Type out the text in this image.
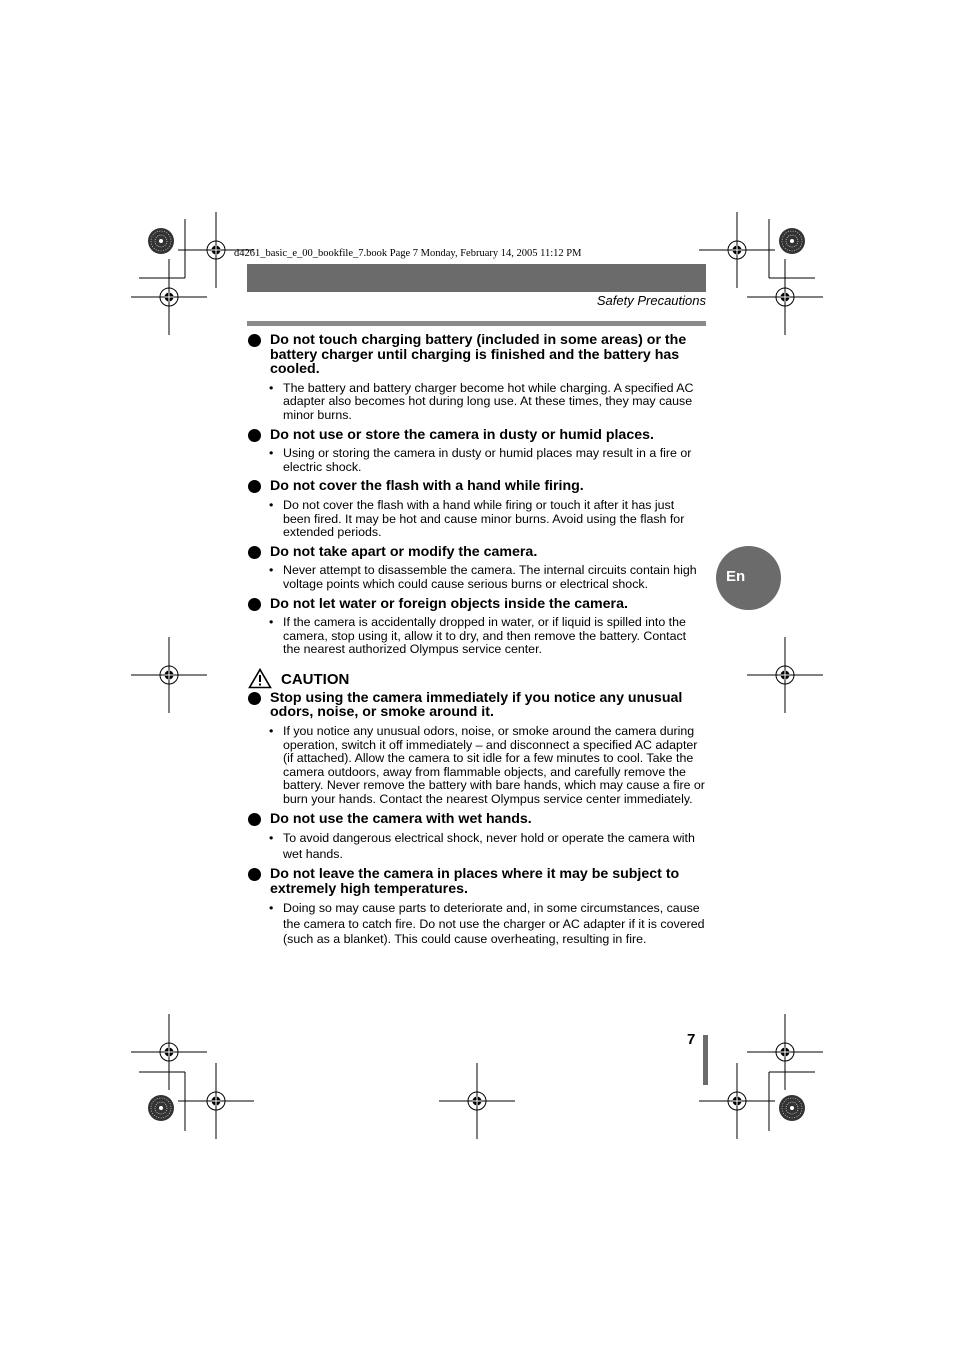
d4261_basic_e_00_bookfile_7.book Page 7 Monday, February 14, 2005 11:12 PM
Safety Precautions
Do not touch charging battery (included in some areas) or the battery charger until charging is finished and the battery has cooled.
• The battery and battery charger become hot while charging. A specified AC adapter also becomes hot during long use. At these times, they may cause minor burns.
Do not use or store the camera in dusty or humid places.
• Using or storing the camera in dusty or humid places may result in a fire or electric shock.
Do not cover the flash with a hand while firing.
• Do not cover the flash with a hand while firing or touch it after it has just been fired. It may be hot and cause minor burns. Avoid using the flash for extended periods.
Do not take apart or modify the camera.
• Never attempt to disassemble the camera. The internal circuits contain high voltage points which could cause serious burns or electrical shock.
Do not let water or foreign objects inside the camera.
• If the camera is accidentally dropped in water, or if liquid is spilled into the camera, stop using it, allow it to dry, and then remove the battery. Contact the nearest authorized Olympus service center.
CAUTION
Stop using the camera immediately if you notice any unusual odors, noise, or smoke around it.
• If you notice any unusual odors, noise, or smoke around the camera during operation, switch it off immediately – and disconnect a specified AC adapter (if attached). Allow the camera to sit idle for a few minutes to cool. Take the camera outdoors, away from flammable objects, and carefully remove the battery. Never remove the battery with bare hands, which may cause a fire or burn your hands. Contact the nearest Olympus service center immediately.
Do not use the camera with wet hands.
• To avoid dangerous electrical shock, never hold or operate the camera with wet hands.
Do not leave the camera in places where it may be subject to extremely high temperatures.
• Doing so may cause parts to deteriorate and, in some circumstances, cause the camera to catch fire. Do not use the charger or AC adapter if it is covered (such as a blanket). This could cause overheating, resulting in fire.
En
7
